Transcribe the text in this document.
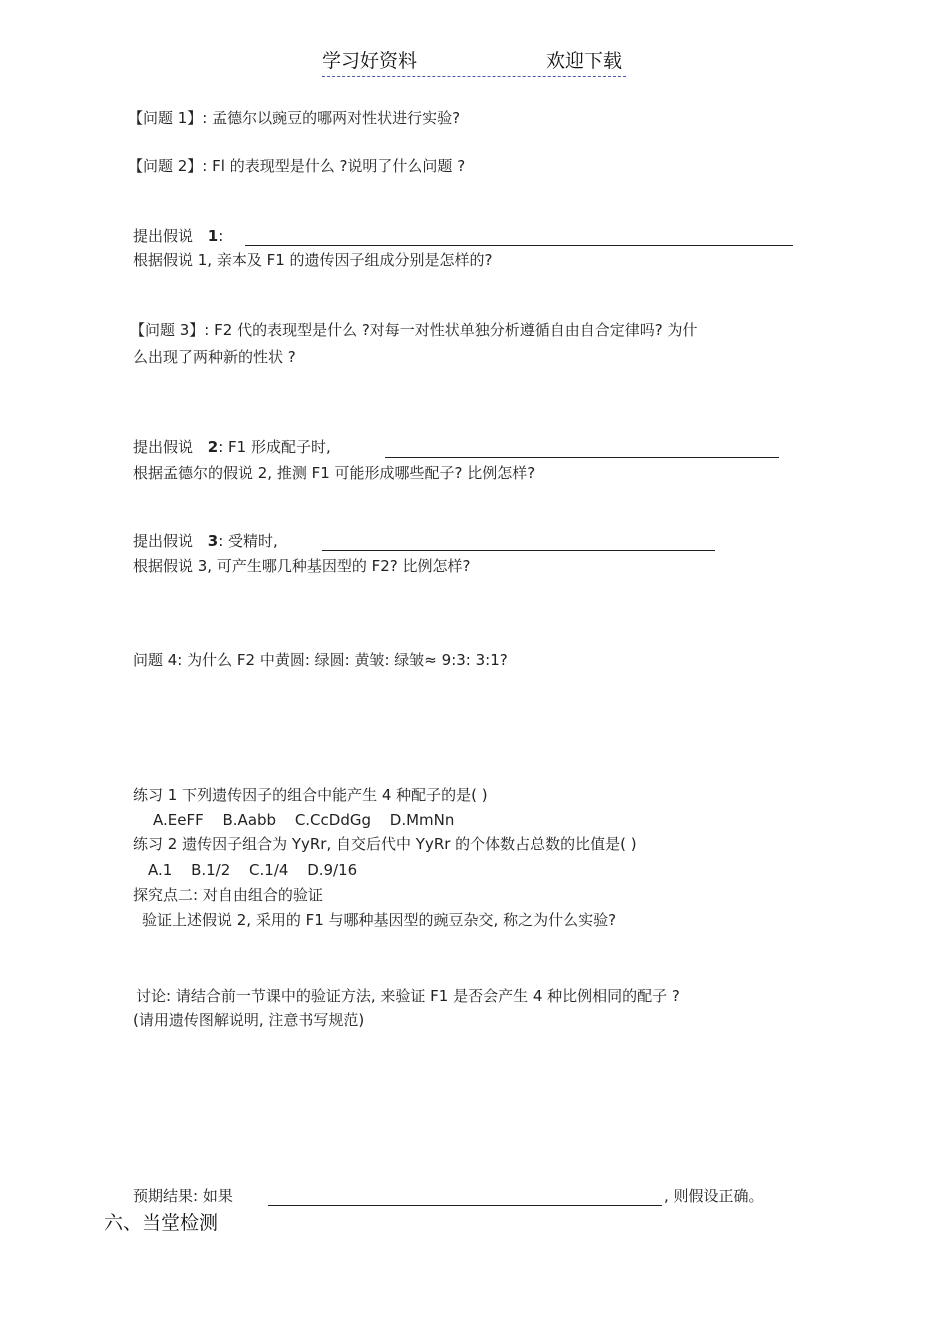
学习好资料	欢迎下载
【问题 1】: 孟德尔以豌豆的哪两对性状进行实验?
【问题 2】: Fl 的表现型是什么 ?说明了什么问题 ?
提出假说 1:
根据假说 1, 亲本及 F1 的遗传因子组成分别是怎样的?
【问题 3】: F2 代的表现型是什么 ?对每一对性状单独分析遵循自由自合定律吗? 为什
么出现了两种新的性状 ?
提出假说 2: F1 形成配子时,
根据孟德尔的假说 2, 推测 F1 可能形成哪些配子? 比例怎样?
提出假说 3: 受精时,
根据假说 3, 可产生哪几种基因型的 F2? 比例怎样?
问题 4: 为什么 F2 中黄圆: 绿圆: 黄皱: 绿皱≈ 9:3: 3:1?
练习 1 下列遗传因子的组合中能产生 4 种配子的是( )
A.EeFF B.Aabb C.CcDdGg D.MmNn
练习 2 遗传因子组合为 YyRr, 自交后代中 YyRr 的个体数占总数的比值是( )
A.1 B.1/2 C.1/4 D.9/16
探究点二: 对自由组合的验证
验证上述假说 2, 采用的 F1 与哪种基因型的豌豆杂交, 称之为什么实验?
讨论: 请结合前一节课中的验证方法, 来验证 F1 是否会产生 4 种比例相同的配子 ?
(请用遗传图解说明, 注意书写规范)
预期结果: 如果	, 则假设正确。
六、当堂检测
